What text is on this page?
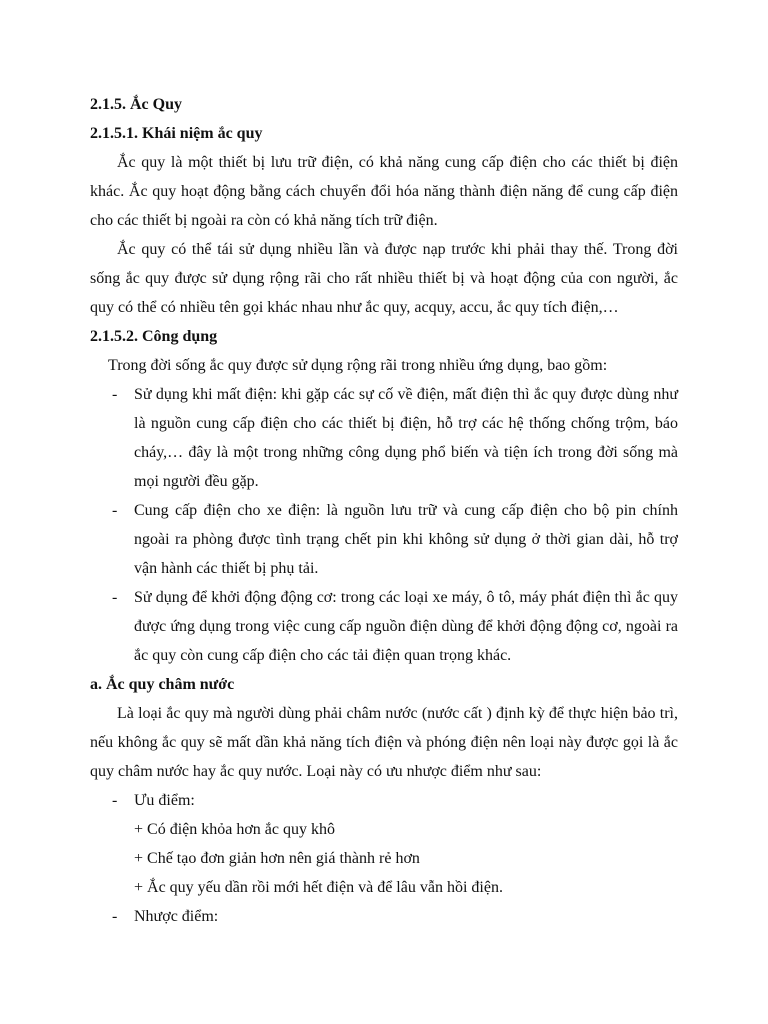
2.1.5. Ắc Quy

2.1.5.1. Khái niệm ắc quy

Ắc quy là một thiết bị lưu trữ điện, có khả năng cung cấp điện cho các thiết bị điện khác. Ắc quy hoạt động bằng cách chuyển đổi hóa năng thành điện năng để cung cấp điện cho các thiết bị ngoài ra còn có khả năng tích trữ điện.

Ắc quy có thể tái sử dụng nhiều lần và được nạp trước khi phải thay thế. Trong đời sống ắc quy được sử dụng rộng rãi cho rất nhiều thiết bị và hoạt động của con người, ắc quy có thể có nhiều tên gọi khác nhau như ắc quy, acquy, accu, ắc quy tích điện,…

2.1.5.2. Công dụng

Trong đời sống ắc quy được sử dụng rộng rãi trong nhiều ứng dụng, bao gồm:

- Sử dụng khi mất điện: khi gặp các sự cố về điện, mất điện thì ắc quy được dùng như là nguồn cung cấp điện cho các thiết bị điện, hỗ trợ các hệ thống chống trộm, báo cháy,… đây là một trong những công dụng phổ biến và tiện ích trong đời sống mà mọi người đều gặp.
- Cung cấp điện cho xe điện: là nguồn lưu trữ và cung cấp điện cho bộ pin chính ngoài ra phòng được tình trạng chết pin khi không sử dụng ở thời gian dài, hỗ trợ vận hành các thiết bị phụ tải.
- Sử dụng để khởi động động cơ: trong các loại xe máy, ô tô, máy phát điện thì ắc quy được ứng dụng trong việc cung cấp nguồn điện dùng để khởi động động cơ, ngoài ra ắc quy còn cung cấp điện cho các tải điện quan trọng khác.

a. Ắc quy châm nước

Là loại ắc quy mà người dùng phải châm nước (nước cất ) định kỳ để thực hiện bảo trì, nếu không ắc quy sẽ mất dần khả năng tích điện và phóng điện nên loại này được gọi là ắc quy châm nước hay ắc quy nước. Loại này có ưu nhược điểm như sau:

- Ưu điểm:

+ Có điện khỏa hơn ắc quy khô

+ Chế tạo đơn giản hơn nên giá thành rẻ hơn

+ Ắc quy yếu dần rồi mới hết điện và để lâu vẫn hồi điện.

- Nhược điểm:
